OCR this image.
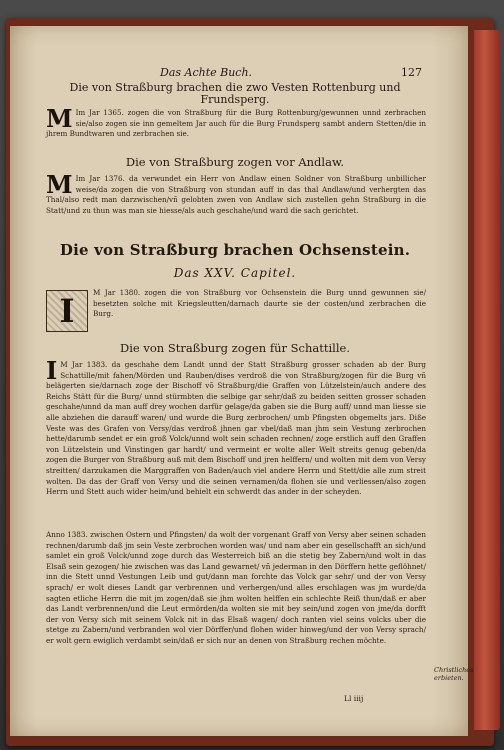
Das Achte Buch.	127
Die von Straßburg brachen die zwo Vesten Rottenburg und Frundsperg.

M Im Jar 1365. zogen die von Straßburg für die Burg Rottenburg/gewunnen unnd zerbrachen sie/also zogen sie inn gemeltem Jar auch für die Burg Frundsperg sambt andern Stetten/die in jhrem Bundtwaren und zerbrachen sie.

Die von Straßburg zogen vor Andlaw.

M Im Jar 1376. da verwundet ein Herr von Andlaw einen Soldner von Straßburg unbillicher weise/da zogen die von Straßburg von stundan auff in das thal Andlaw/und verhergten das Thal/also redt man darzwischen/vñ gelobten zwen von Andlaw sich zustellen gehn Straßburg in die Statt/und zu thun was man sie hiesse/als auch geschahe/und ward die sach gerichtet.

Die von Straßburg brachen Ochsenstein.
Das XXV. Capitel.

I	M Jar 1380. zogen die von Straßburg vor Ochsenstein die Burg unnd gewunnen sie/ besetzten solche mit Kriegsleutten/darnach daurte sie der costen/und zerbrachen die Burg.

Die von Straßburg zogen für Schattille.

I M Jar 1383. da geschahe dem Landt unnd der Statt Straßburg grosser schaden ab der Burg Schattille/mit fahen/Mörden und Rauben/dises verdroß die von Straßburg/zogen für die Burg vñ belägerten sie/darnach zoge der Bischoff võ Straßburg/die Graffen von Lützelstein/auch andere des Reichs Stätt für die Burg/ unnd stürmbten die selbige gar sehr/daß zu beiden seitten grosser schaden geschahe/unnd da man auff drey wochen darfür gelage/da gaben sie die Burg auff/ unnd man liesse sie alle abziehen die darauff waren/ und wurde die Burg zerbrochen/ umb Pfingsten obgemelts jars. Diße Veste was des Grafen von Versy/das verdroß jhnen gar vbel/daß man jhm sein Vestung zerbrochen hette/darumb sendet er ein groß Volck/unnd wolt sein schaden rechnen/ zoge erstlich auff den Graffen von Lützelstein und Vinstingen gar hardt/ und vermeint er wolte aller Welt streits genug geben/da zogen die Burger von Straßburg auß mit dem Bischoff und jren helffern/ und wolten mit dem von Versy streitten/ darzukamen die Marggraffen von Baden/auch viel andere Herrn und Stett/die alle zum streit wolten. Da das der Graff von Versy und die seinen vernamen/da flohen sie und verliessen/also zogen Herrn und Stett auch wider heim/und behielt ein schwerdt das ander in der scheyden.

Anno 1383. zwischen Ostern und Pfingsten/ da wolt der vorgenant Graff von Versy aber seinen schaden rechnen/darumb daß jm sein Veste zerbrochen worden was/ und nam aber ein gesellschafft an sich/und samlet ein groß Volck/unnd zoge durch das Westerreich biß an die stetig bey Zabern/und wolt in das Elsaß sein gezogen/ hie zwischen was das Land gewarnet/ vñ jederman in den Dörffern hette geflöhnet/ inn die Stett unnd Vestungen Leib und gut/dann man forchte das Volck gar sehr/ und der von Versy sprach/ er wolt dieses Landt gar verbrennen und verhergen/und alles erschlagen was jm wurde/da sagten etliche Herrn die mit jm zogen/daß sie jhm wolten helffen ein schlechte Reiß thun/daß er aber das Landt verbrennen/und die Leut ermörden/da wolten sie mit bey sein/und zogen von jme/da dorfft der von Versy sich mit seinem Volck nit in das Elsaß wagen/ doch ranten viel seins volcks uber die stetge zu Zabern/und verbranden wol vier Dörffer/und flohen wider hinweg/und der von Versy sprach/ er wolt gern ewiglich verdambt sein/daß er sich nur an denen von Straßburg rechen möchte.

Christliches erbieten.
Ll iiij
